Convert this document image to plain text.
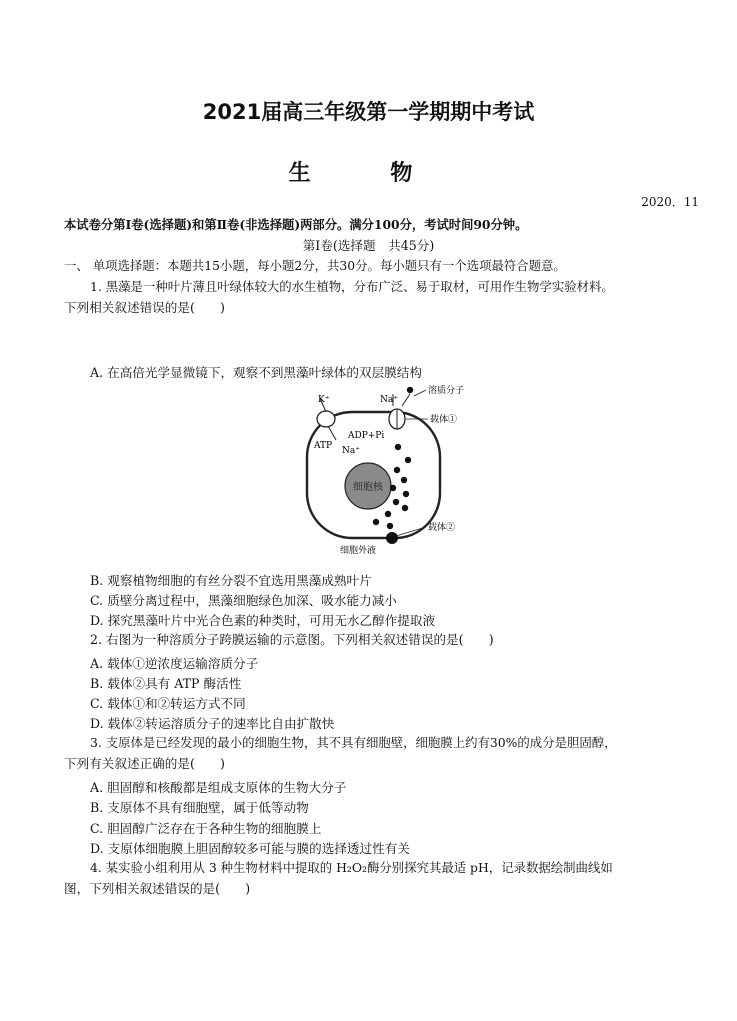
2021届高三年级第一学期期中考试
生 物
2020．11
本试卷分第Ⅰ卷(选择题)和第Ⅱ卷(非选择题)两部分。满分100分，考试时间90分钟。
第Ⅰ卷(选择题　共45分)
一、 单项选择题：本题共15小题，每小题2分，共30分。每小题只有一个选项最符合题意。
1. 黑藻是一种叶片薄且叶绿体较大的水生植物，分布广泛、易于取材，可用作生物学实验材料。
下列相关叙述错误的是(　　)
A. 在高倍光学显微镜下，观察不到黑藻叶绿体的双层膜结构
细胞核
K⁺	Na⁺
ATP
ADP+Pi
Na⁺
溶质分子
载体①
载体②
细胞外液
B. 观察植物细胞的有丝分裂不宜选用黑藻成熟叶片
C. 质壁分离过程中，黑藻细胞绿色加深、吸水能力减小
D. 探究黑藻叶片中光合色素的种类时，可用无水乙醇作提取液
2. 右图为一种溶质分子跨膜运输的示意图。下列相关叙述错误的是(　　)
A. 载体①逆浓度运输溶质分子
B. 载体②具有 ATP 酶活性
C. 载体①和②转运方式不同
D. 载体②转运溶质分子的速率比自由扩散快
3. 支原体是已经发现的最小的细胞生物，其不具有细胞壁，细胞膜上约有30%的成分是胆固醇，
下列有关叙述正确的是(　　)
A. 胆固醇和核酸都是组成支原体的生物大分子
B. 支原体不具有细胞壁，属于低等动物
C. 胆固醇广泛存在于各种生物的细胞膜上
D. 支原体细胞膜上胆固醇较多可能与膜的选择透过性有关
4. 某实验小组利用从 3 种生物材料中提取的 H₂O₂酶分别探究其最适 pH，记录数据绘制曲线如
图，下列相关叙述错误的是(　　)
